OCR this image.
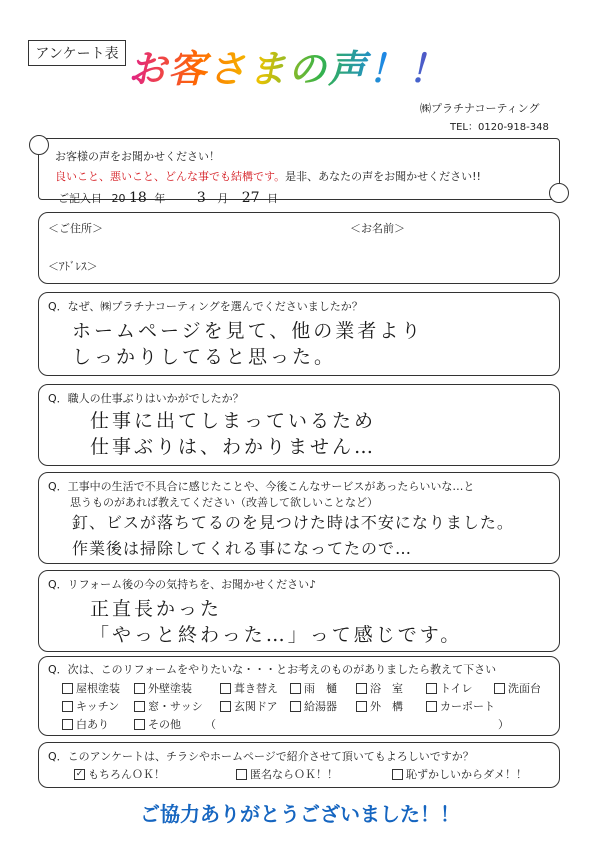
アンケート表 お客さまの声！！
㈱プラチナコーティング
TEL：0120-918-348
お客様の声をお聞かせください！
良いこと、悪いこと、どんな事でも結構です。是非、あなたの声をお聞かせください!!
ご記入日 20 18 年 3 月 27 日
＜ご住所＞	＜お名前＞
＜ｱﾄﾞﾚｽ＞
Q．なぜ、㈱プラチナコーティングを選んでくださいましたか？
ホームページを見て、他の業者より
しっかりしてると思った。
Q．職人の仕事ぶりはいかがでしたか？
仕事に出てしまっているため
仕事ぶりは、わかりません…
Q．工事中の生活で不具合に感じたことや、今後こんなサービスがあったらいいな…と
思うものがあれば教えてください（改善して欲しいことなど）
釘、ビスが落ちてるのを見つけた時は不安になりました。
作業後は掃除してくれる事になってたので…
Q．リフォーム後の今の気持ちを、お聞かせください♪
正直長かった
「やっと終わった…」って感じです。
Q．次は、このリフォームをやりたいな・・・とお考えのものがありましたら教えて下さい
屋根塗装	外壁塗装	葺き替え 雨　樋	浴　室	トイレ	洗面台
キッチン	窓・サッシ	玄関ドア 給湯器	外　構	カーポート
白あり	その他 （	）
Q．このアンケートは、チラシやホームページで紹介させて頂いてもよろしいですか？
✓ もちろんＯＫ！	匿名ならＯＫ！！	恥ずかしいからダメ！！
ご協力ありがとうございました！！
